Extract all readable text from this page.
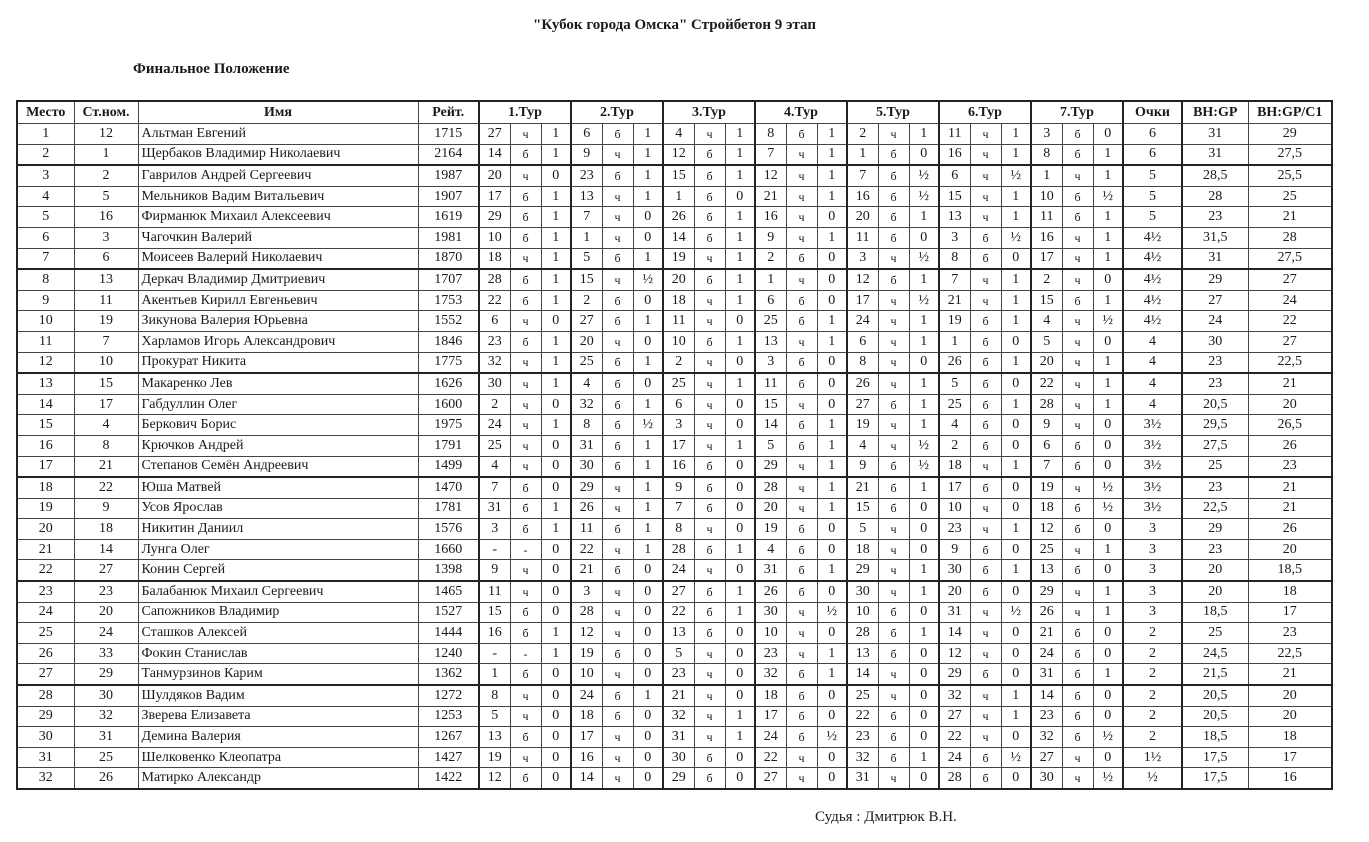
"Кубок города Омска" Стройбетон 9 этап
Финальное Положение
Место	Ст.ном.	Имя	Рейт.	1.Тур			2.Тур			3.Тур			4.Тур			5.Тур			6.Тур			7.Тур			Очки	BH:GP	BH:GP/C1
1	12	Альтман Евгений	1715	27	ч	1	6	б	1	4	ч	1	8	б	1	2	ч	1	11	ч	1	3	б	0	6	31	29
2	1	Щербаков Владимир Николаевич	2164	14	б	1	9	ч	1	12	б	1	7	ч	1	1	б	0	16	ч	1	8	б	1	6	31	27,5
3	2	Гаврилов Андрей Сергеевич	1987	20	ч	0	23	б	1	15	б	1	12	ч	1	7	б	½	6	ч	½	1	ч	1	5	28,5	25,5
4	5	Мельников Вадим Витальевич	1907	17	б	1	13	ч	1	1	б	0	21	ч	1	16	б	½	15	ч	1	10	б	½	5	28	25
5	16	Фирманюк Михаил Алексеевич	1619	29	б	1	7	ч	0	26	б	1	16	ч	0	20	б	1	13	ч	1	11	б	1	5	23	21
6	3	Чагочкин Валерий	1981	10	б	1	1	ч	0	14	б	1	9	ч	1	11	б	0	3	б	½	16	ч	1	4½	31,5	28
7	6	Моисеев Валерий Николаевич	1870	18	ч	1	5	б	1	19	ч	1	2	б	0	3	ч	½	8	б	0	17	ч	1	4½	31	27,5
8	13	Деркач Владимир Дмитриевич	1707	28	б	1	15	ч	½	20	б	1	1	ч	0	12	б	1	7	ч	1	2	ч	0	4½	29	27
9	11	Акентьев Кирилл Евгеньевич	1753	22	б	1	2	б	0	18	ч	1	6	б	0	17	ч	½	21	ч	1	15	б	1	4½	27	24
10	19	Зикунова Валерия Юрьевна	1552	6	ч	0	27	б	1	11	ч	0	25	б	1	24	ч	1	19	б	1	4	ч	½	4½	24	22
11	7	Харламов Игорь Александрович	1846	23	б	1	20	ч	0	10	б	1	13	ч	1	6	ч	1	1	б	0	5	ч	0	4	30	27
12	10	Прокурат Никита	1775	32	ч	1	25	б	1	2	ч	0	3	б	0	8	ч	0	26	б	1	20	ч	1	4	23	22,5
13	15	Макаренко Лев	1626	30	ч	1	4	б	0	25	ч	1	11	б	0	26	ч	1	5	б	0	22	ч	1	4	23	21
14	17	Габдуллин Олег	1600	2	ч	0	32	б	1	6	ч	0	15	ч	0	27	б	1	25	б	1	28	ч	1	4	20,5	20
15	4	Беркович Борис	1975	24	ч	1	8	б	½	3	ч	0	14	б	1	19	ч	1	4	б	0	9	ч	0	3½	29,5	26,5
16	8	Крючков Андрей	1791	25	ч	0	31	б	1	17	ч	1	5	б	1	4	ч	½	2	б	0	6	б	0	3½	27,5	26
17	21	Степанов Семён Андреевич	1499	4	ч	0	30	б	1	16	б	0	29	ч	1	9	б	½	18	ч	1	7	б	0	3½	25	23
18	22	Юша Матвей	1470	7	б	0	29	ч	1	9	б	0	28	ч	1	21	б	1	17	б	0	19	ч	½	3½	23	21
19	9	Усов Ярослав	1781	31	б	1	26	ч	1	7	б	0	20	ч	1	15	б	0	10	ч	0	18	б	½	3½	22,5	21
20	18	Никитин Даниил	1576	3	б	1	11	б	1	8	ч	0	19	б	0	5	ч	0	23	ч	1	12	б	0	3	29	26
21	14	Лунга Олег	1660	-	-	0	22	ч	1	28	б	1	4	б	0	18	ч	0	9	б	0	25	ч	1	3	23	20
22	27	Конин Сергей	1398	9	ч	0	21	б	0	24	ч	0	31	б	1	29	ч	1	30	б	1	13	б	0	3	20	18,5
23	23	Балабанюк Михаил Сергеевич	1465	11	ч	0	3	ч	0	27	б	1	26	б	0	30	ч	1	20	б	0	29	ч	1	3	20	18
24	20	Сапожников Владимир	1527	15	б	0	28	ч	0	22	б	1	30	ч	½	10	б	0	31	ч	½	26	ч	1	3	18,5	17
25	24	Сташков Алексей	1444	16	б	1	12	ч	0	13	б	0	10	ч	0	28	б	1	14	ч	0	21	б	0	2	25	23
26	33	Фокин Станислав	1240	-	-	1	19	б	0	5	ч	0	23	ч	1	13	б	0	12	ч	0	24	б	0	2	24,5	22,5
27	29	Танмурзинов Карим	1362	1	б	0	10	ч	0	23	ч	0	32	б	1	14	ч	0	29	б	0	31	б	1	2	21,5	21
28	30	Шулдяков Вадим	1272	8	ч	0	24	б	1	21	ч	0	18	б	0	25	ч	0	32	ч	1	14	б	0	2	20,5	20
29	32	Зверева Елизавета	1253	5	ч	0	18	б	0	32	ч	1	17	б	0	22	б	0	27	ч	1	23	б	0	2	20,5	20
30	31	Демина Валерия	1267	13	б	0	17	ч	0	31	ч	1	24	б	½	23	б	0	22	ч	0	32	б	½	2	18,5	18
31	25	Шелковенко Клеопатра	1427	19	ч	0	16	ч	0	30	б	0	22	ч	0	32	б	1	24	б	½	27	ч	0	1½	17,5	17
32	26	Матирко Александр	1422	12	б	0	14	ч	0	29	б	0	27	ч	0	31	ч	0	28	б	0	30	ч	½	½	17,5	16
Судья : Дмитрюк В.Н.
